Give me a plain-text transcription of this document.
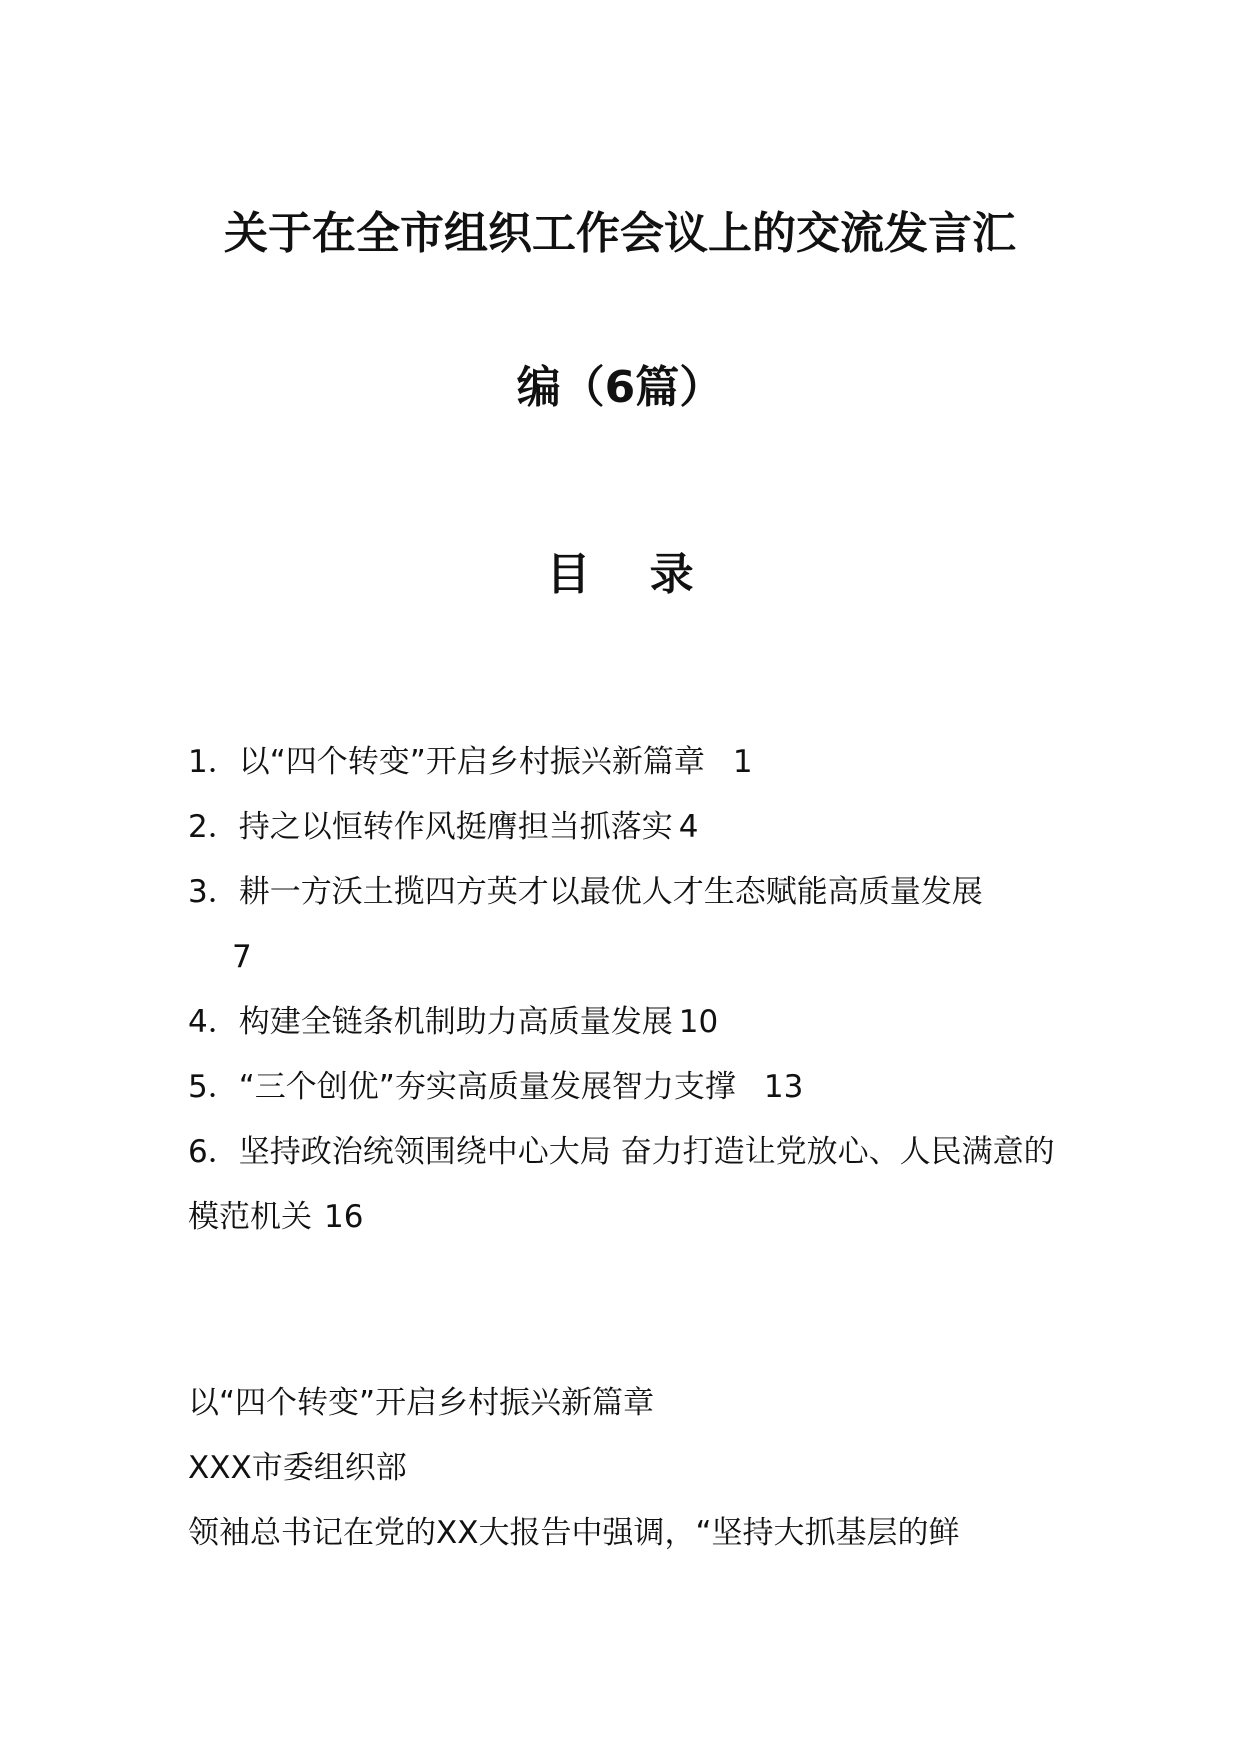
关于在全市组织工作会议上的交流发言汇
编（6篇）
目 录
1．以“四个转变”开启乡村振兴新篇章 1
2．持之以恒转作风挺膺担当抓落实 4
3．耕一方沃土揽四方英才以最优人才生态赋能高质量发展
7
4．构建全链条机制助力高质量发展 10
5．“三个创优”夯实高质量发展智力支撑 13
6．坚持政治统领围绕中心大局 奋力打造让党放心、人民满意的模范机关 16

以“四个转变”开启乡村振兴新篇章

XXX市委组织部

领袖总书记在党的XX大报告中强调，“坚持大抓基层的鲜
